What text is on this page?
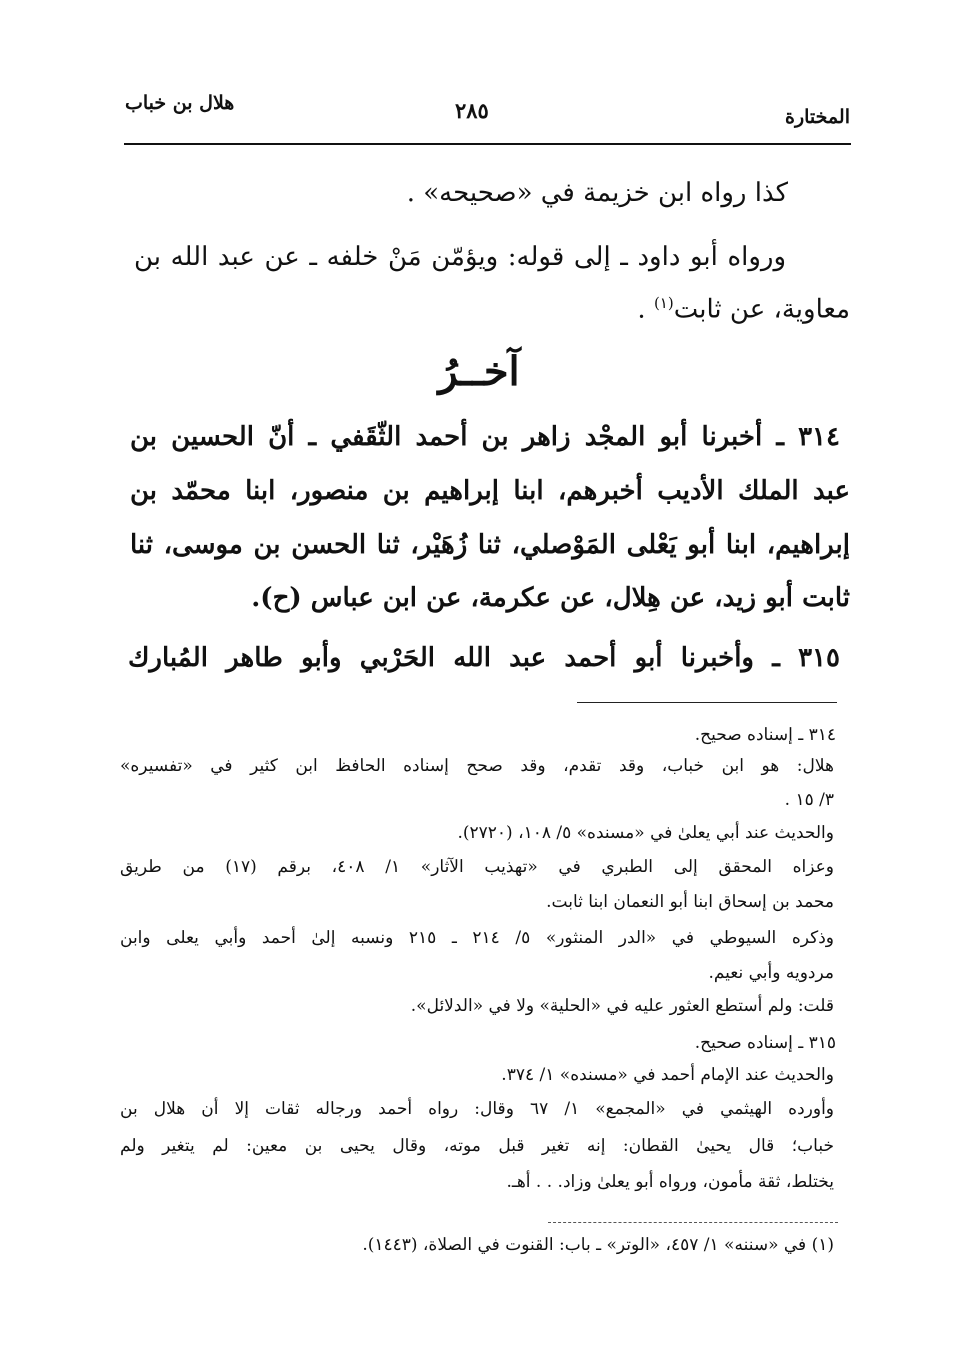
المختارة
٢٨٥
هلال بن خباب
كذا رواه ابن خزيمة في «صحيحه» .
ورواه أبو داود ـ إلى قوله: ويؤمّن مَنْ خلفه ـ عن عبد الله بن
معاوية، عن ثابت$^{(١)}$ .
آخــرُ
٣١٤ ـ أخبرنا أبو المجْد زاهر بن أحمد الثّقَفي ـ أنّ الحسين بن
عبد الملك الأديب أخبرهم، ابنا إبراهيم بن منصور، ابنا محمّد بن
إبراهيم، ابنا أبو يَعْلى المَوْصلي، ثنا زُهَيْر، ثنا الحسن بن موسى، ثنا
ثابت أبو زيد، عن هِلال، عن عكرمة، عن ابن عباس (ح).
٣١٥ ـ وأخبرنا أبو أحمد عبد الله الحَرْبي وأبو طاهر المُبارك
٣١٤ ـ إسناده صحيح.
هلال: هو ابن خباب، وقد تقدم، وقد صحح إسناده الحافظ ابن كثير في «تفسيره»
٣/ ١٥ .
والحديث عند أبي يعلىٰ في «مسنده» ٥/ ١٠٨، (٢٧٢٠).
وعزاه المحقق إلى الطبري في «تهذيب الآثار» ١/ ٤٠٨، برقم (١٧) من طريق
محمد بن إسحاق ابنا أبو النعمان ابنا ثابت.
وذكره السيوطي في «الدر المنثور» ٥/ ٢١٤ ـ ٢١٥ ونسبه إلىٰ أحمد وأبي يعلى وابن
مردويه وأبي نعيم.
قلت: ولم أستطع العثور عليه في «الحلية» ولا في «الدلائل».
٣١٥ ـ إسناده صحيح.
والحديث عند الإمام أحمد في «مسنده» ١/ ٣٧٤.
وأورده الهيثمي في «المجمع» ١/ ٦٧ وقال: رواه أحمد ورجاله ثقات إلا أن هلال بن
خباب؛ قال يحيىٰ القطان: إنه تغير قبل موته، وقال يحيى بن معين: لم يتغير ولم
يختلط، ثقة مأمون، ورواه أبو يعلىٰ وزاد. . . أهـ.
(١) في «سننه» ١/ ٤٥٧، «الوتر» ـ باب: القنوت في الصلاة، (١٤٤٣).
